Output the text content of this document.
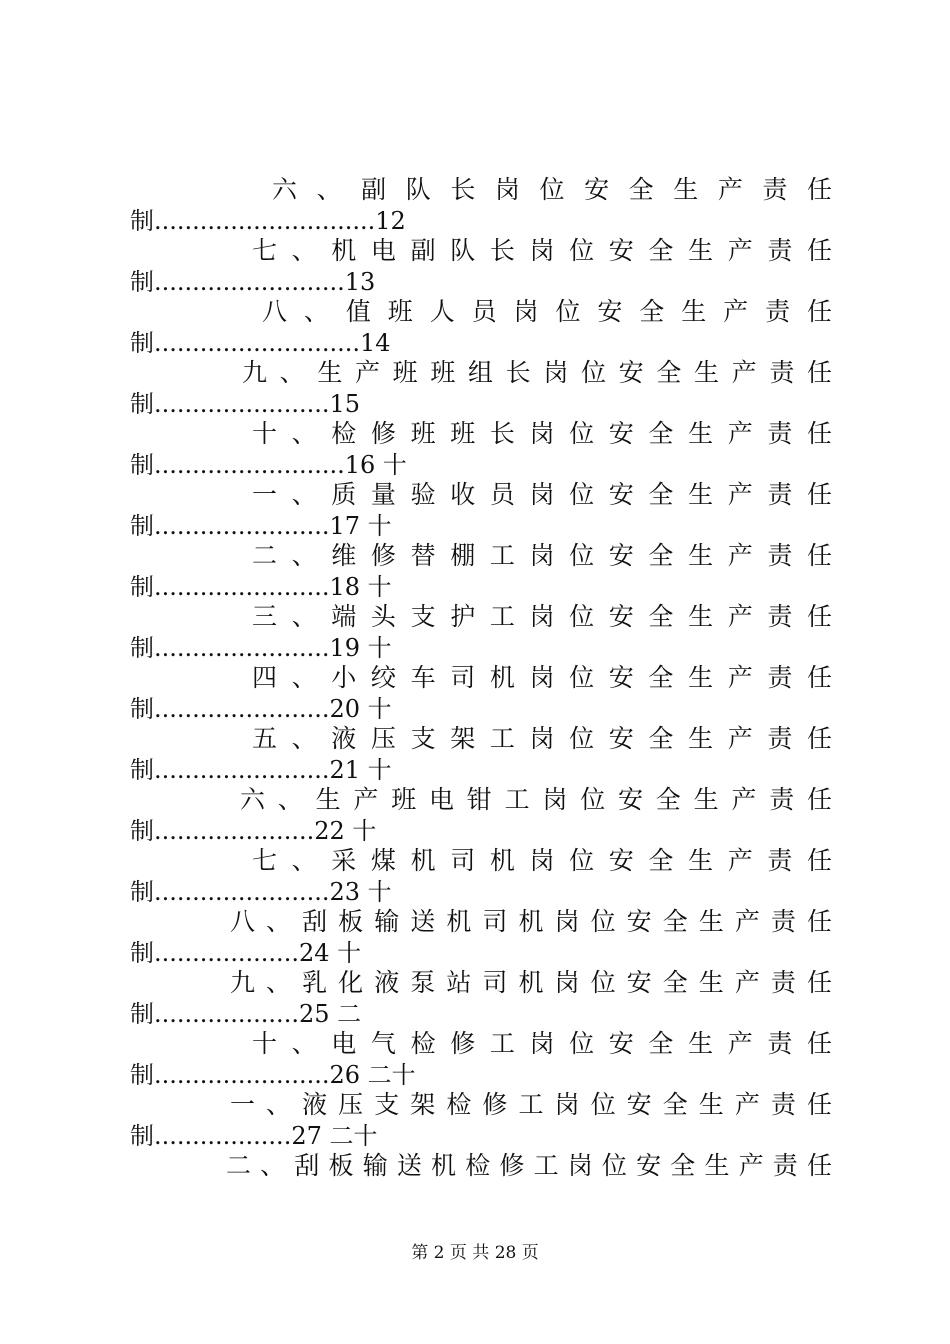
六 、 副 队 长 岗 位 安 全 生 产 责 任
制.............................12
七 、 机 电 副 队 长 岗 位 安 全 生 产 责 任
制.........................13
八 、 值 班 人 员 岗 位 安 全 生 产 责 任
制...........................14
九 、 生 产 班 班 组 长 岗 位 安 全 生 产 责 任
制.......................15
十 、 检 修 班 班 长 岗 位 安 全 生 产 责 任
制.........................16 十
一 、 质 量 验 收 员 岗 位 安 全 生 产 责 任
制.......................17 十
二 、 维 修 替 棚 工 岗 位 安 全 生 产 责 任
制.......................18 十
三 、 端 头 支 护 工 岗 位 安 全 生 产 责 任
制.......................19 十
四 、 小 绞 车 司 机 岗 位 安 全 生 产 责 任
制.......................20 十
五 、 液 压 支 架 工 岗 位 安 全 生 产 责 任
制.......................21 十
六 、 生 产 班 电 钳 工 岗 位 安 全 生 产 责 任
制.....................22 十
七 、 采 煤 机 司 机 岗 位 安 全 生 产 责 任
制.......................23 十
八 、 刮 板 输 送 机 司 机 岗 位 安 全 生 产 责 任
制...................24 十
九 、 乳 化 液 泵 站 司 机 岗 位 安 全 生 产 责 任
制...................25 二
十 、 电 气 检 修 工 岗 位 安 全 生 产 责 任
制.......................26 二十
一 、 液 压 支 架 检 修 工 岗 位 安 全 生 产 责 任
制..................27 二十
二 、 刮 板 输 送 机 检 修 工 岗 位 安 全 生 产 责 任
第 2 页 共 28 页
